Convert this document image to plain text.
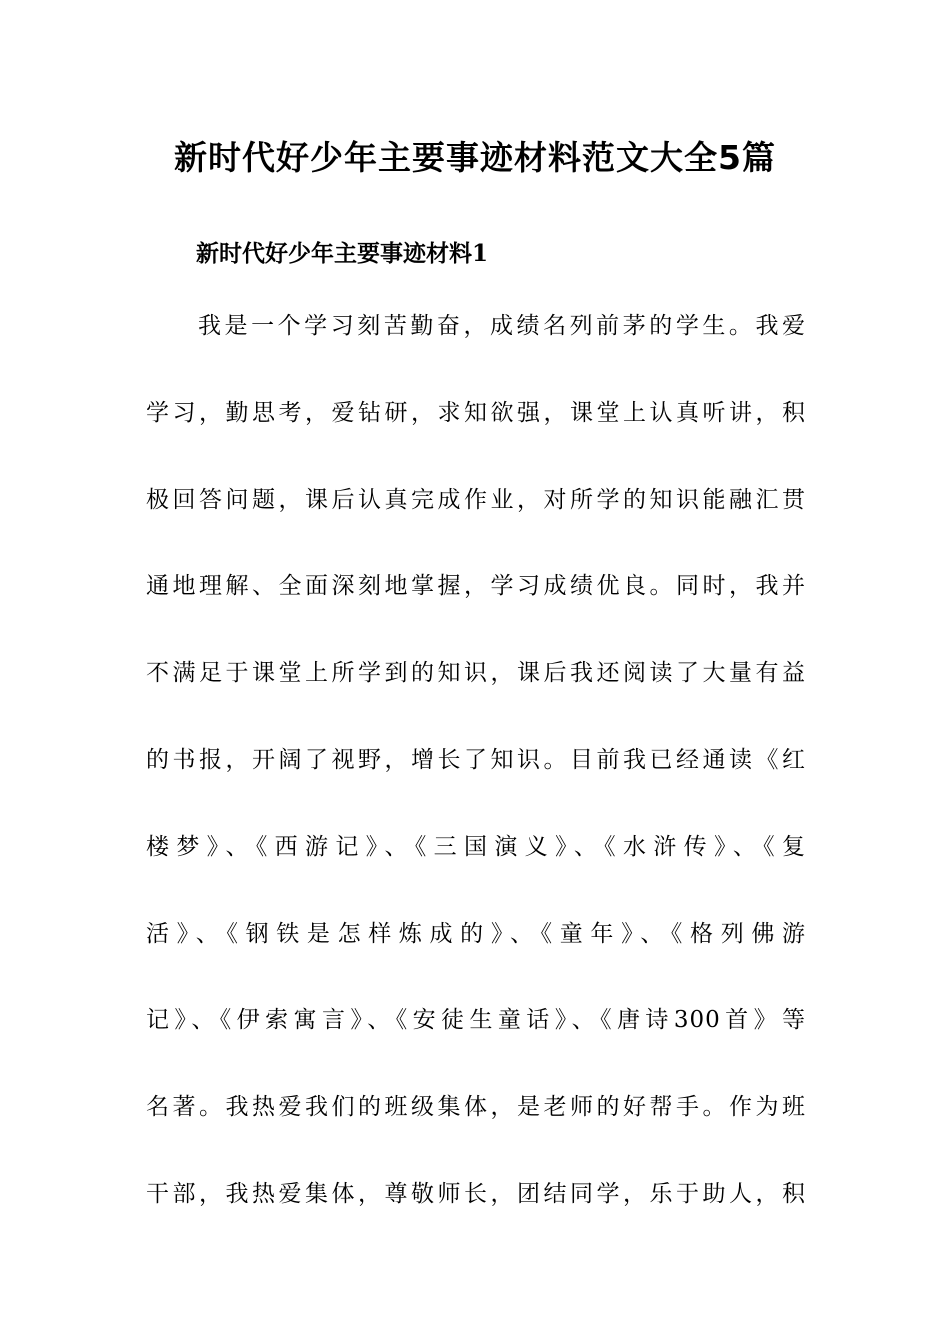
新时代好少年主要事迹材料范文大全5篇
新时代好少年主要事迹材料1
我是一个学习刻苦勤奋，成绩名列前茅的学生。我爱
学习，勤思考，爱钻研，求知欲强，课堂上认真听讲，积
极回答问题，课后认真完成作业，对所学的知识能融汇贯
通地理解、全面深刻地掌握，学习成绩优良。同时，我并
不满足于课堂上所学到的知识，课后我还阅读了大量有益
的书报，开阔了视野，增长了知识。目前我已经通读《红
楼梦》、《西游记》、《三国演义》、《水浒传》、《复
活》、《钢铁是怎样炼成的》、《童年》、《格列佛游
记》、《伊索寓言》、《安徒生童话》、《唐诗300首》等
名著。我热爱我们的班级集体，是老师的好帮手。作为班
干部，我热爱集体，尊敬师长，团结同学，乐于助人，积
